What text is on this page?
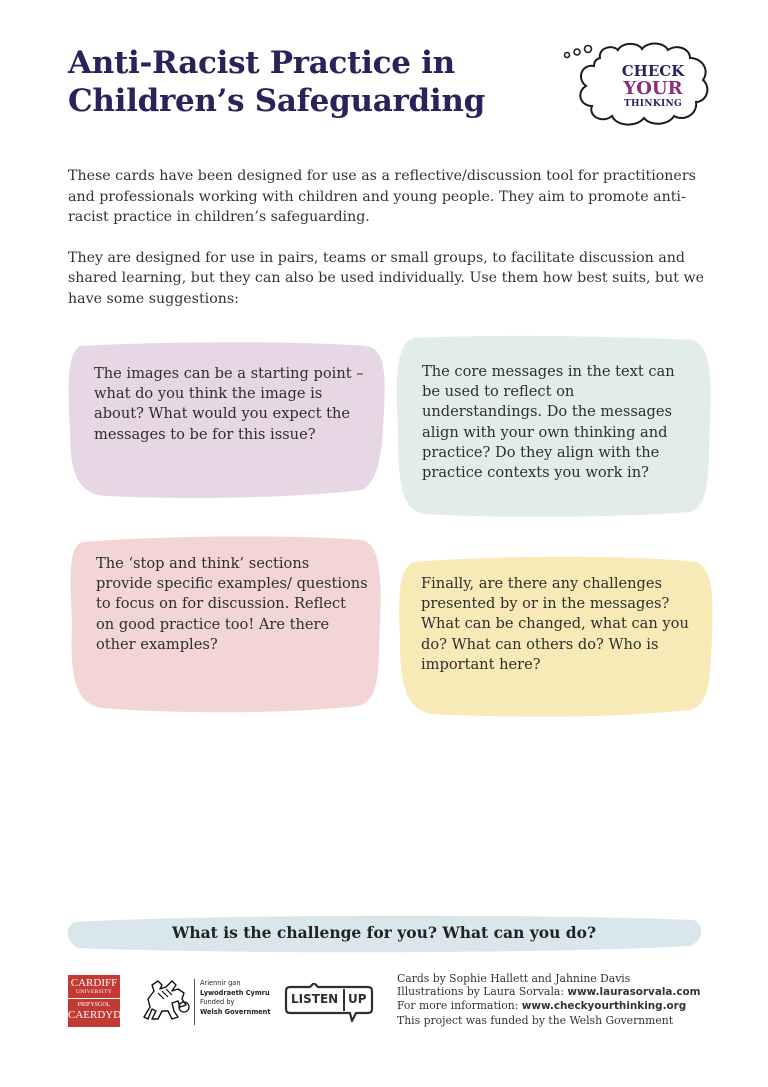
Anti-Racist Practice in
Children’s Safeguarding
CHECK
YOUR
THINKING

These cards have been designed for use as a reflective/discussion tool for practitioners and professionals working with children and young people. They aim to promote anti-racist practice in children’s safeguarding.

They are designed for use in pairs, teams or small groups, to facilitate discussion and shared learning, but they can also be used individually. Use them how best suits, but we have some suggestions:

The images can be a starting point – what do you think the image is about? What would you expect the messages to be for this issue?
The core messages in the text can be used to reflect on understandings. Do the messages align with your own thinking and practice? Do they align with the practice contexts you work in?
The ‘stop and think’ sections provide specific examples/ questions to focus on for discussion. Reflect on good practice too! Are there other examples?
Finally, are there any challenges presented by or in the messages? What can be changed, what can you do? What can others do? Who is important here?
What is the challenge for you? What can you do?
CARDIFF
UNIVERSITY
PRIFYSGOL
CAERDYDD
Ariennir gan
Lywodraeth Cymru
Funded by
Welsh Government
LISTEN UP
Cards by Sophie Hallett and Jahnine Davis
Illustrations by Laura Sorvala: www.laurasorvala.com
For more information: www.checkyourthinking.org
This project was funded by the Welsh Government
